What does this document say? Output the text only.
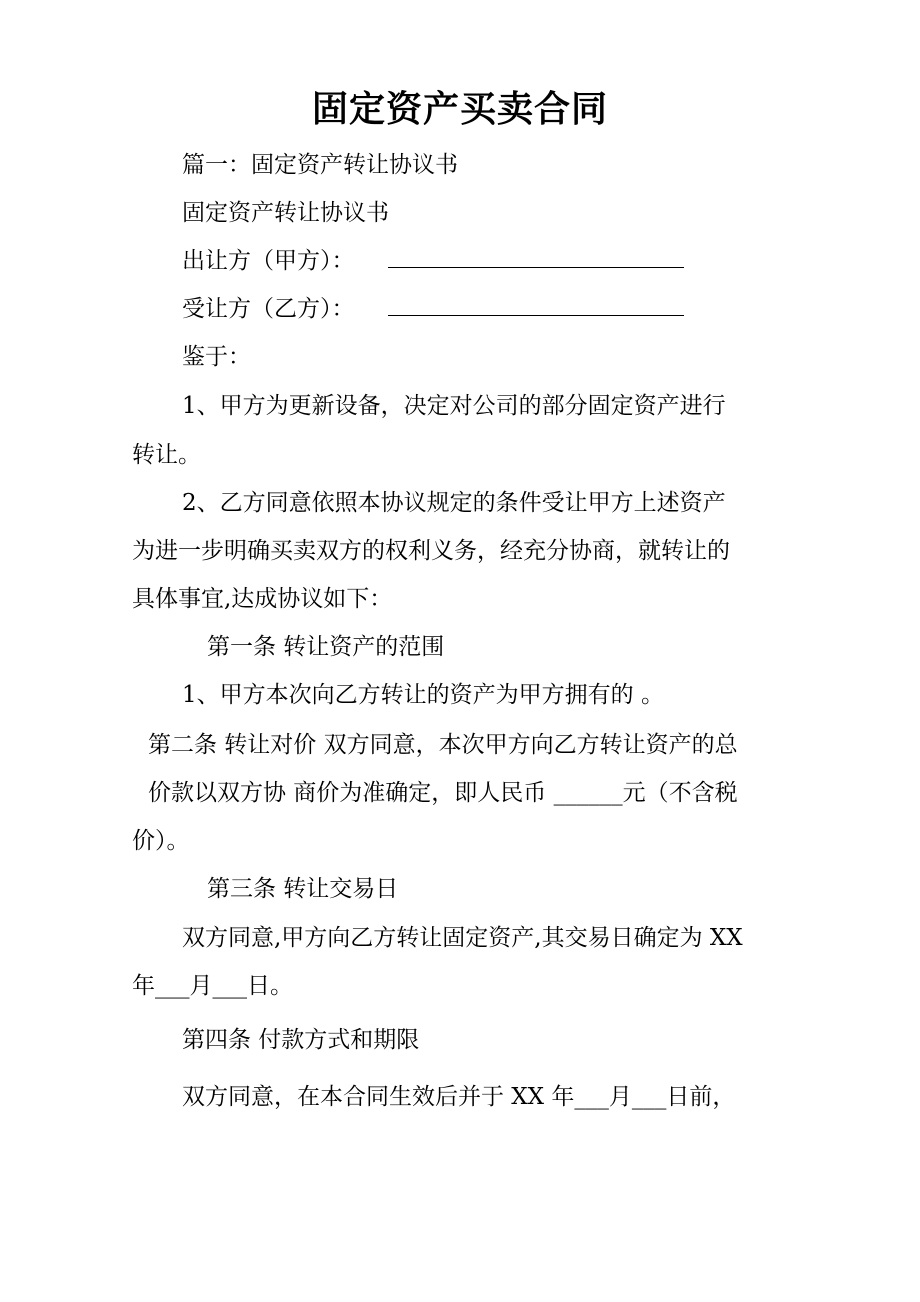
固定资产买卖合同
篇一：固定资产转让协议书
固定资产转让协议书
出让方（甲方）：
受让方（乙方）：
鉴于：
1、甲方为更新设备，决定对公司的部分固定资产进行
转让。
2、乙方同意依照本协议规定的条件受让甲方上述资产
为进一步明确买卖双方的权利义务，经充分协商，就转让的
具体事宜,达成协议如下：
第一条 转让资产的范围
1、甲方本次向乙方转让的资产为甲方拥有的 。
第二条 转让对价 双方同意，本次甲方向乙方转让资产的总
价款以双方协 商价为准确定，即人民币 ______元（不含税
价）。
第三条 转让交易日
双方同意,甲方向乙方转让固定资产,其交易日确定为 XX
年___月___日。
第四条 付款方式和期限
双方同意，在本合同生效后并于 XX 年___月___日前，
